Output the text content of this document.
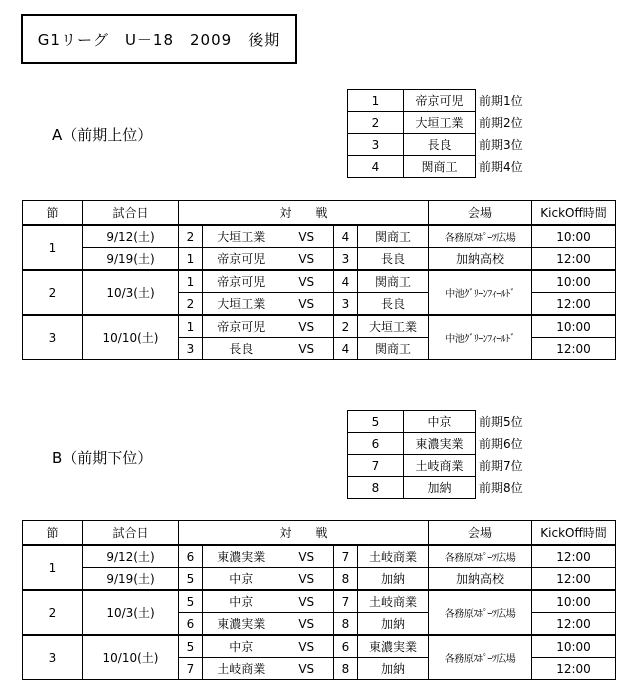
G1リーグ　U－18　2009　後期
1	帝京可児	前期1位
2	大垣工業	前期2位
3	長良	前期3位
4	関商工	前期4位
A（前期上位）
節	試合日	対　　戦					会場	KickOff時間
1	9/12(土)	2	大垣工業	VS	4	関商工	各務原ｽﾎﾟｰﾂ広場	10:00
	9/19(土)	1	帝京可児	VS	3	長良	加納高校	12:00
2	10/3(土)	1	帝京可児	VS	4	関商工	中池ｸﾞﾘｰﾝﾌｨｰﾙﾄﾞ	10:00
		2	大垣工業	VS	3	長良		12:00
3	10/10(土)	1	帝京可児	VS	2	大垣工業	中池ｸﾞﾘｰﾝﾌｨｰﾙﾄﾞ	10:00
		3	長良	VS	4	関商工		12:00
5	中京	前期5位
6	東濃実業	前期6位
7	土岐商業	前期7位
8	加納	前期8位
B（前期下位）
節	試合日	対　　戦					会場	KickOff時間
1	9/12(土)	6	東濃実業	VS	7	土岐商業	各務原ｽﾎﾟｰﾂ広場	12:00
	9/19(土)	5	中京	VS	8	加納	加納高校	12:00
2	10/3(土)	5	中京	VS	7	土岐商業	各務原ｽﾎﾟｰﾂ広場	10:00
		6	東濃実業	VS	8	加納		12:00
3	10/10(土)	5	中京	VS	6	東濃実業	各務原ｽﾎﾟｰﾂ広場	10:00
		7	土岐商業	VS	8	加納		12:00
